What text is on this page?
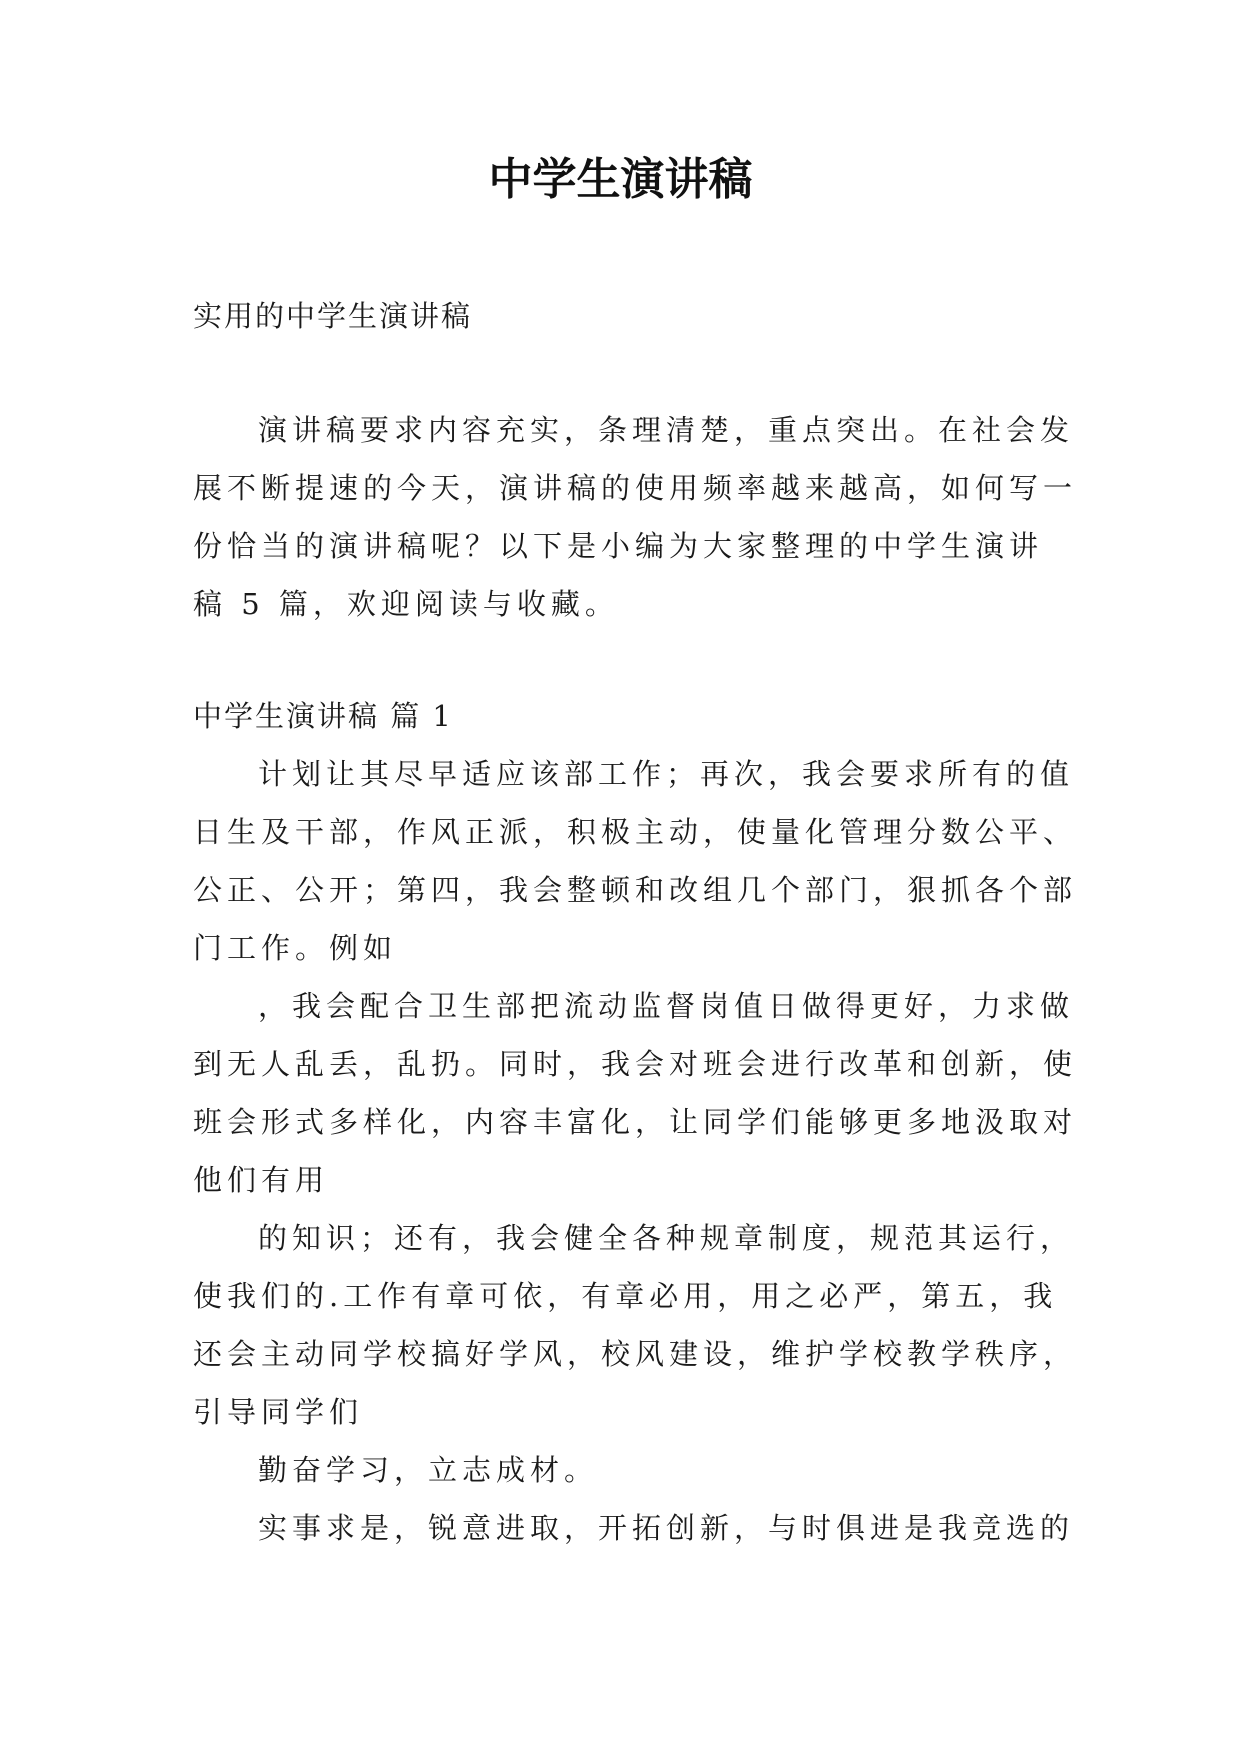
中学生演讲稿
实用的中学生演讲稿
演讲稿要求内容充实，条理清楚，重点突出。在社会发
展不断提速的今天，演讲稿的使用频率越来越高，如何写一
份恰当的演讲稿呢？以下是小编为大家整理的中学生演讲
稿 5 篇，欢迎阅读与收藏。
中学生演讲稿 篇 1
计划让其尽早适应该部工作；再次，我会要求所有的值
日生及干部，作风正派，积极主动，使量化管理分数公平、
公正、公开；第四，我会整顿和改组几个部门，狠抓各个部
门工作。例如
，我会配合卫生部把流动监督岗值日做得更好，力求做
到无人乱丢，乱扔。同时，我会对班会进行改革和创新，使
班会形式多样化，内容丰富化，让同学们能够更多地汲取对
他们有用
的知识；还有，我会健全各种规章制度，规范其运行，
使我们的.工作有章可依，有章必用，用之必严，第五，我
还会主动同学校搞好学风，校风建设，维护学校教学秩序，
引导同学们
勤奋学习，立志成材。
实事求是，锐意进取，开拓创新，与时俱进是我竞选的
